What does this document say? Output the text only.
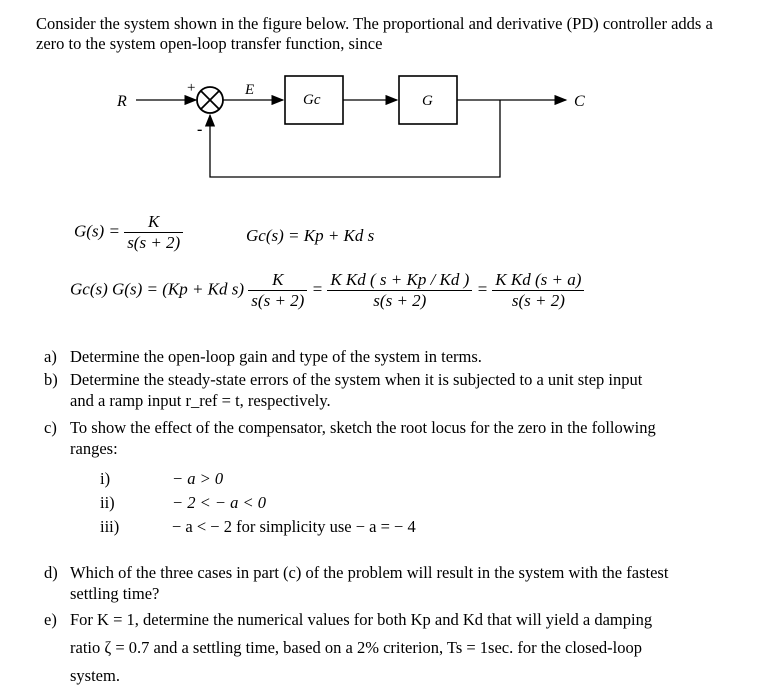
Consider the system shown in the figure below. The proportional and derivative (PD) controller adds a zero to the system open-loop transfer function, since
R
+
-
E
Gc	G	C
$G(s) = \frac{K}{s(s + 2)}$	Gc(s) = Kp + Kd s
Gc(s) G(s) = (Kp + Kd $s) \frac{K}{s(s + 2)} = \frac{\text{K Kd ( s + Kp / Kd )}}{s(s + 2)} = \frac{\text{K Kd (s + a)}}{s(s + 2)}$
a) Determine the open-loop gain and type of the system in terms.
b) Determine the steady-state errors of the system when it is subjected to a unit step input and a ramp input r_ref = t, respectively.
c) To show the effect of the compensator, sketch the root locus for the zero in the following ranges:
i)	− a > 0
ii)	− 2 < − a < 0
iii)	− a < − 2 for simplicity use − a = − 4
d) Which of the three cases in part (c) of the problem will result in the system with the fastest settling time?
e) For K = 1, determine the numerical values for both Kp and Kd that will yield a damping ratio ζ = 0.7 and a settling time, based on a 2% criterion, Ts = 1sec. for the closed-loop system.
